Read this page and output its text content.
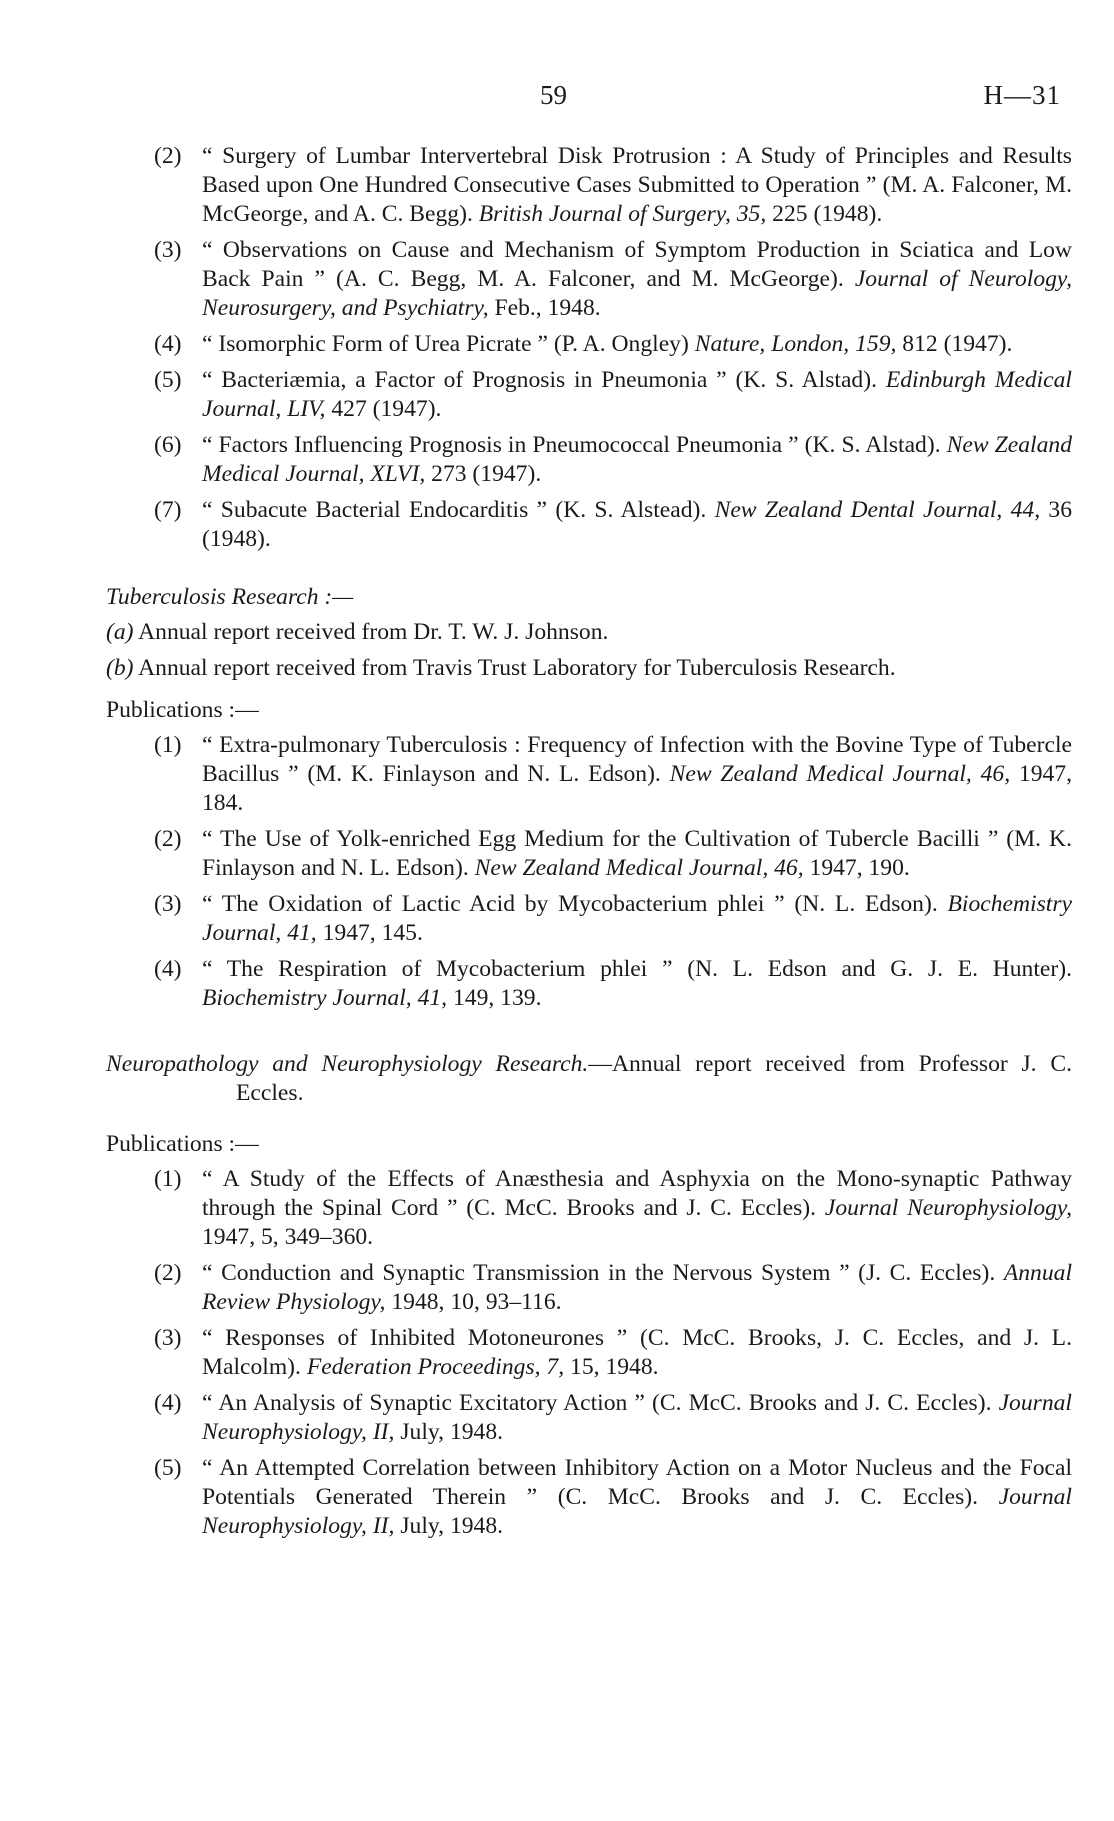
59	H—31
(2) “ Surgery of Lumbar Intervertebral Disk Protrusion : A Study of Principles and Results Based upon One Hundred Consecutive Cases Submitted to Operation ” (M. A. Falconer, M. McGeorge, and A. C. Begg). British Journal of Surgery, 35, 225 (1948).
(3) “ Observations on Cause and Mechanism of Symptom Production in Sciatica and Low Back Pain ” (A. C. Begg, M. A. Falconer, and M. McGeorge). Journal of Neurology, Neurosurgery, and Psychiatry, Feb., 1948.
(4) “ Isomorphic Form of Urea Picrate ” (P. A. Ongley) Nature, London, 159, 812 (1947).
(5) “ Bacteriæmia, a Factor of Prognosis in Pneumonia ” (K. S. Alstad). Edinburgh Medical Journal, LIV, 427 (1947).
(6) “ Factors Influencing Prognosis in Pneumococcal Pneumonia ” (K. S. Alstad). New Zealand Medical Journal, XLVI, 273 (1947).
(7) “ Subacute Bacterial Endocarditis ” (K. S. Alstead). New Zealand Dental Journal, 44, 36 (1948).

Tuberculosis Research :—

(a) Annual report received from Dr. T. W. J. Johnson.

(b) Annual report received from Travis Trust Laboratory for Tuberculosis Research.

Publications :—

(1) “ Extra-pulmonary Tuberculosis : Frequency of Infection with the Bovine Type of Tubercle Bacillus ” (M. K. Finlayson and N. L. Edson). New Zealand Medical Journal, 46, 1947, 184.
(2) “ The Use of Yolk-enriched Egg Medium for the Cultivation of Tubercle Bacilli ” (M. K. Finlayson and N. L. Edson). New Zealand Medical Journal, 46, 1947, 190.
(3) “ The Oxidation of Lactic Acid by Mycobacterium phlei ” (N. L. Edson). Biochemistry Journal, 41, 1947, 145.
(4) “ The Respiration of Mycobacterium phlei ” (N. L. Edson and G. J. E. Hunter). Biochemistry Journal, 41, 149, 139.

Neuropathology and Neurophysiology Research.—Annual report received from Professor J. C. Eccles.

Publications :—

(1) “ A Study of the Effects of Anæsthesia and Asphyxia on the Mono-synaptic Pathway through the Spinal Cord ” (C. McC. Brooks and J. C. Eccles). Journal Neurophysiology, 1947, 5, 349–360.
(2) “ Conduction and Synaptic Transmission in the Nervous System ” (J. C. Eccles). Annual Review Physiology, 1948, 10, 93–116.
(3) “ Responses of Inhibited Motoneurones ” (C. McC. Brooks, J. C. Eccles, and J. L. Malcolm). Federation Proceedings, 7, 15, 1948.
(4) “ An Analysis of Synaptic Excitatory Action ” (C. McC. Brooks and J. C. Eccles). Journal Neurophysiology, II, July, 1948.
(5) “ An Attempted Correlation between Inhibitory Action on a Motor Nucleus and the Focal Potentials Generated Therein ” (C. McC. Brooks and J. C. Eccles). Journal Neurophysiology, II, July, 1948.
